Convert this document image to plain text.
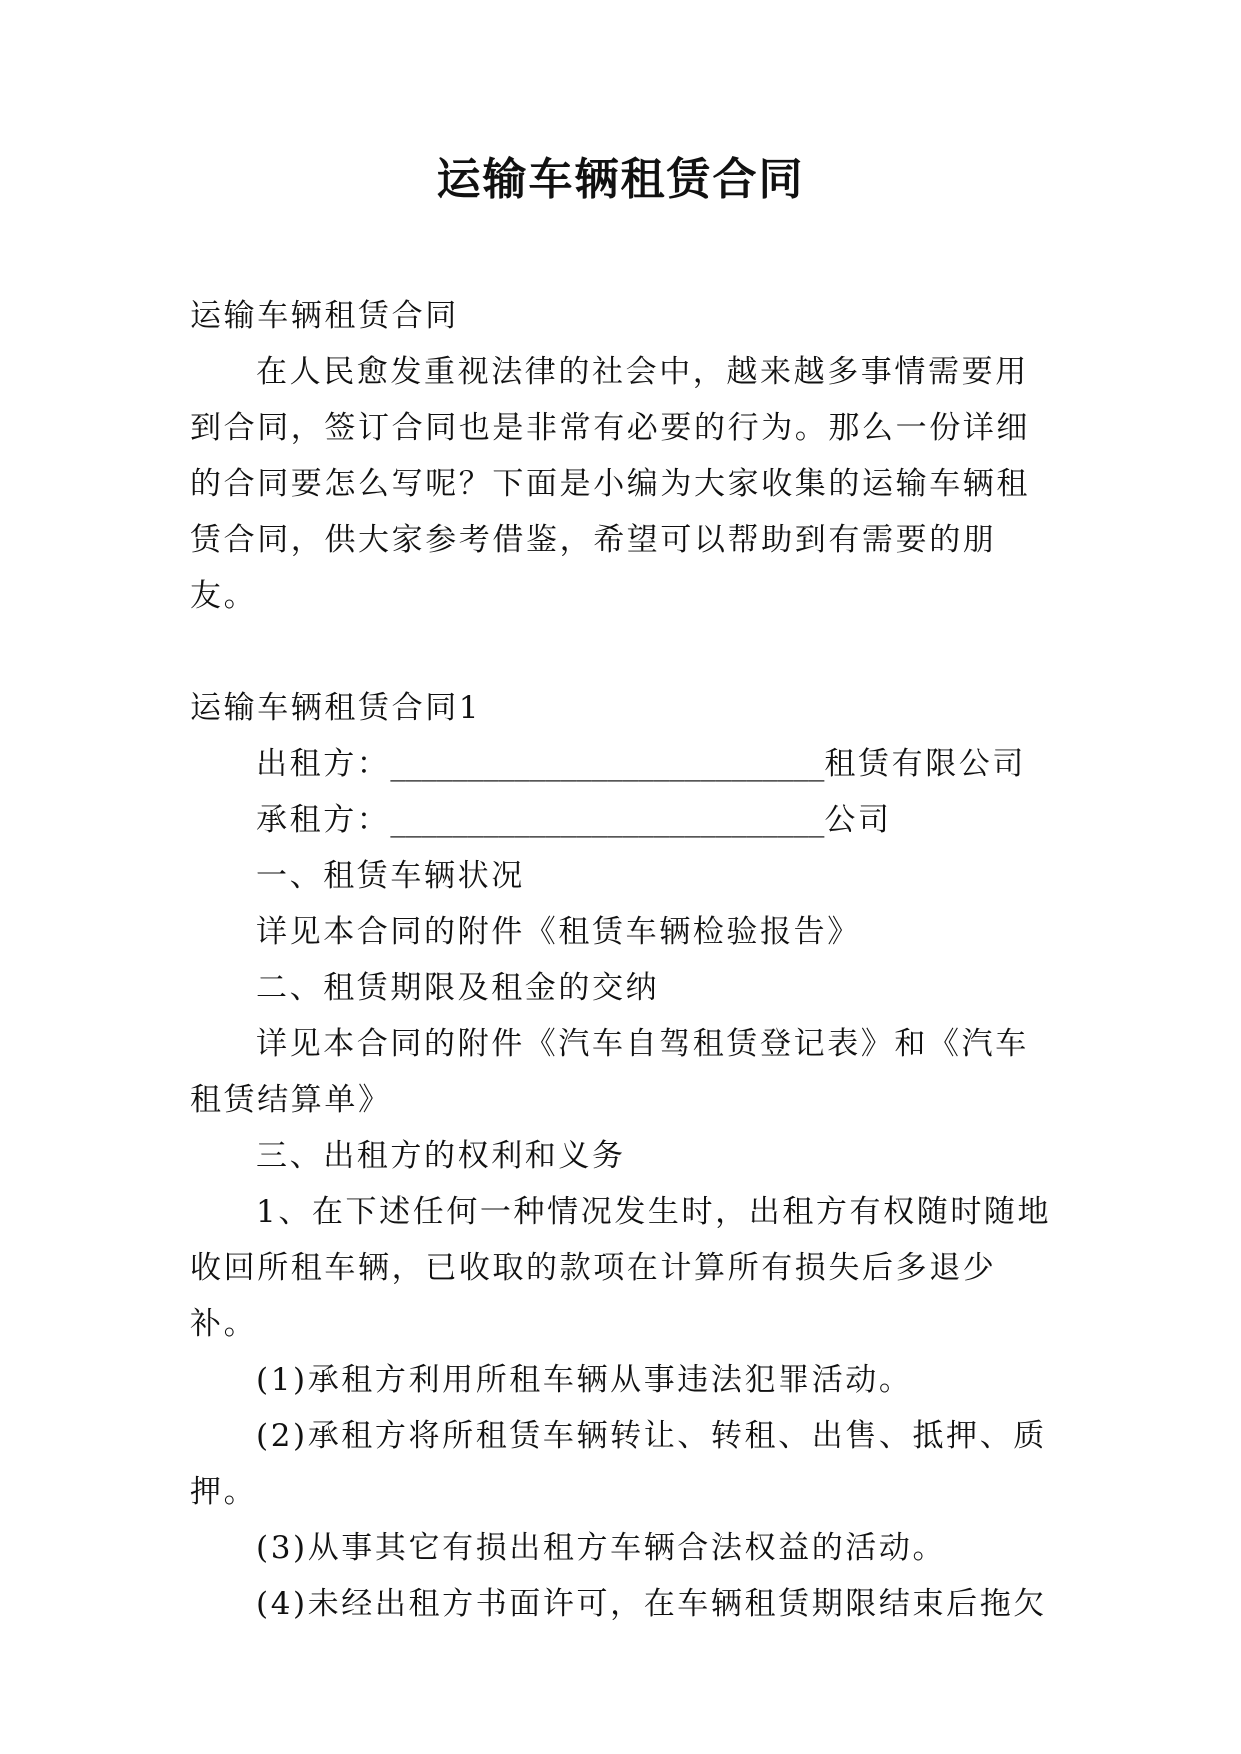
运输车辆租赁合同

运输车辆租赁合同

在人民愈发重视法律的社会中，越来越多事情需要用到合同，签订合同也是非常有必要的行为。那么一份详细的合同要怎么写呢？下面是小编为大家收集的运输车辆租赁合同，供大家参考借鉴，希望可以帮助到有需要的朋友。

运输车辆租赁合同1

出租方：____________________________租赁有限公司

承租方：____________________________公司

一、租赁车辆状况

详见本合同的附件《租赁车辆检验报告》

二、租赁期限及租金的交纳

详见本合同的附件《汽车自驾租赁登记表》和《汽车租赁结算单》

三、出租方的权利和义务

1、在下述任何一种情况发生时，出租方有权随时随地收回所租车辆，已收取的款项在计算所有损失后多退少补。

(1)承租方利用所租车辆从事违法犯罪活动。

(2)承租方将所租赁车辆转让、转租、出售、抵押、质押。

(3)从事其它有损出租方车辆合法权益的活动。

(4)未经出租方书面许可，在车辆租赁期限结束后拖欠
